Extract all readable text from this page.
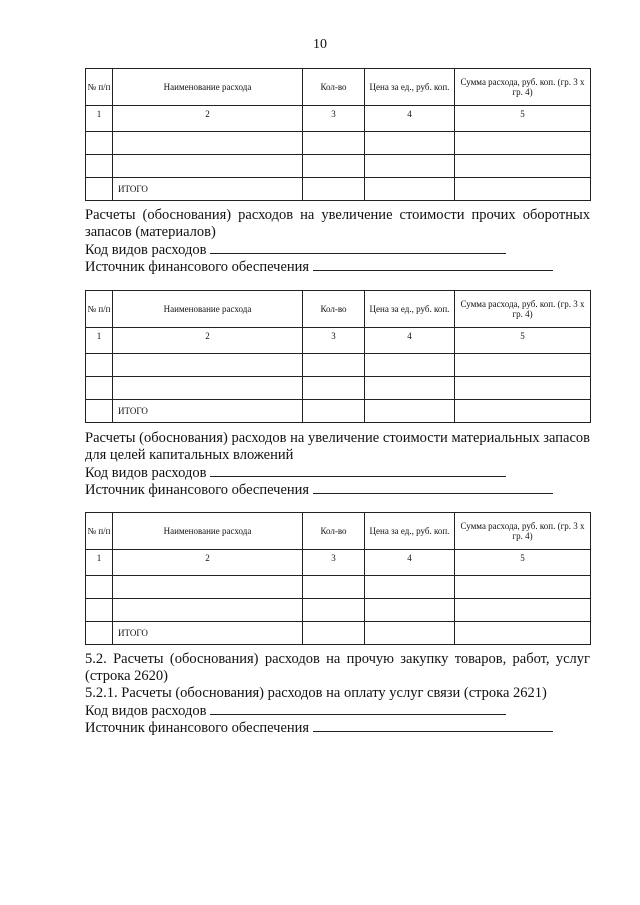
10
№ п/п	Наименование расхода	Кол-во	Цена за ед., руб. коп.	Сумма расхода, руб. коп. (гр. 3 х гр. 4)
1	2	3	4	5

	ИТОГО			
Расчеты (обоснования) расходов на увеличение стоимости прочих оборотных запасов (материалов)
Код видов расходов
Источник финансового обеспечения
№ п/п	Наименование расхода	Кол-во	Цена за ед., руб. коп.	Сумма расхода, руб. коп. (гр. 3 х гр. 4)
1	2	3	4	5

	ИТОГО			
Расчеты (обоснования) расходов на увеличение стоимости материальных запасов для целей капитальных вложений
Код видов расходов
Источник финансового обеспечения
№ п/п	Наименование расхода	Кол-во	Цена за ед., руб. коп.	Сумма расхода, руб. коп. (гр. 3 х гр. 4)
1	2	3	4	5

	ИТОГО			
5.2. Расчеты (обоснования) расходов на прочую закупку товаров, работ, услуг (строка 2620)
5.2.1. Расчеты (обоснования) расходов на оплату услуг связи (строка 2621)
Код видов расходов
Источник финансового обеспечения
